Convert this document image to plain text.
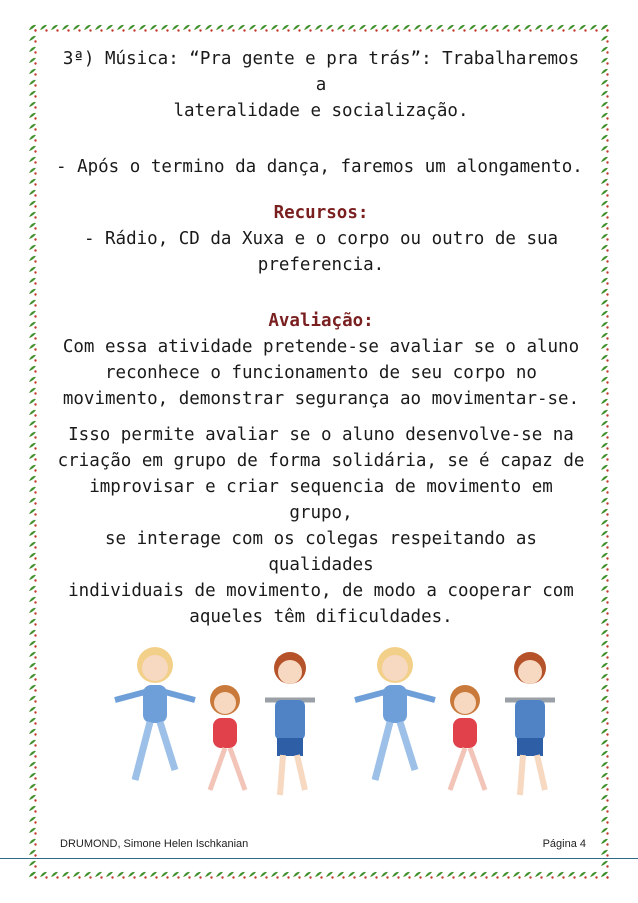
3ª) Música: “Pra gente e pra trás”: Trabalharemos a

lateralidade e socialização.

- Após o termino da dança, faremos um alongamento.

Recursos:

- Rádio, CD da Xuxa e o corpo ou outro de sua

preferencia.

Avaliação:

Com essa atividade pretende-se avaliar se o aluno

reconhece o funcionamento de seu corpo no

movimento, demonstrar segurança ao movimentar-se.

Isso permite avaliar se o aluno desenvolve-se na

criação em grupo de forma solidária, se é capaz de

improvisar e criar sequencia de movimento em grupo,

se interage com os colegas respeitando as qualidades

individuais de movimento, de modo a cooperar com

aqueles têm dificuldades.

DRUMOND, Simone Helen Ischkanian	Página 4
